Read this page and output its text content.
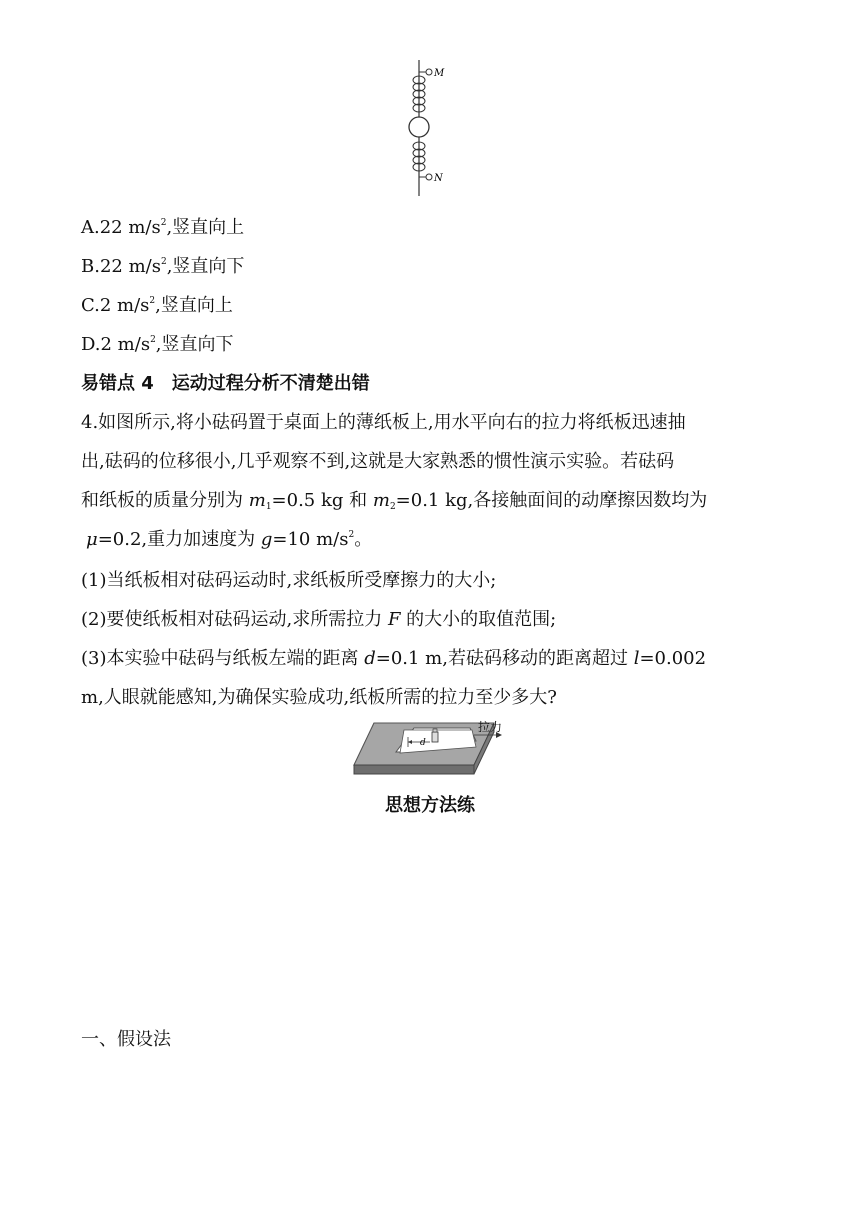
M
N
A.22 $m/s^2$,竖直向上
B.22 $m/s^2$,竖直向下
C.2 $m/s^2$,竖直向上
D.2 $m/s^2$,竖直向下
易错点 4　运动过程分析不清楚出错
4.如图所示,将小砝码置于桌面上的薄纸板上,用水平向右的拉力将纸板迅速抽
出,砝码的位移很小,几乎观察不到,这就是大家熟悉的惯性演示实验。若砝码
和纸板的质量分别为 $m_1=0.5$ kg 和 $m_2=0.1$ kg,各接触面间的动摩擦因数均为
μ=0.2,重力加速度为 g=10 $m/s^2$。
(1)当纸板相对砝码运动时,求纸板所受摩擦力的大小;
(2)要使纸板相对砝码运动,求所需拉力 F 的大小的取值范围;
(3)本实验中砝码与纸板左端的距离 d=0.1 m,若砝码移动的距离超过 l=0.002
m,人眼就能感知,为确保实验成功,纸板所需的拉力至少多大?
d
拉力
思想方法练
一、假设法
